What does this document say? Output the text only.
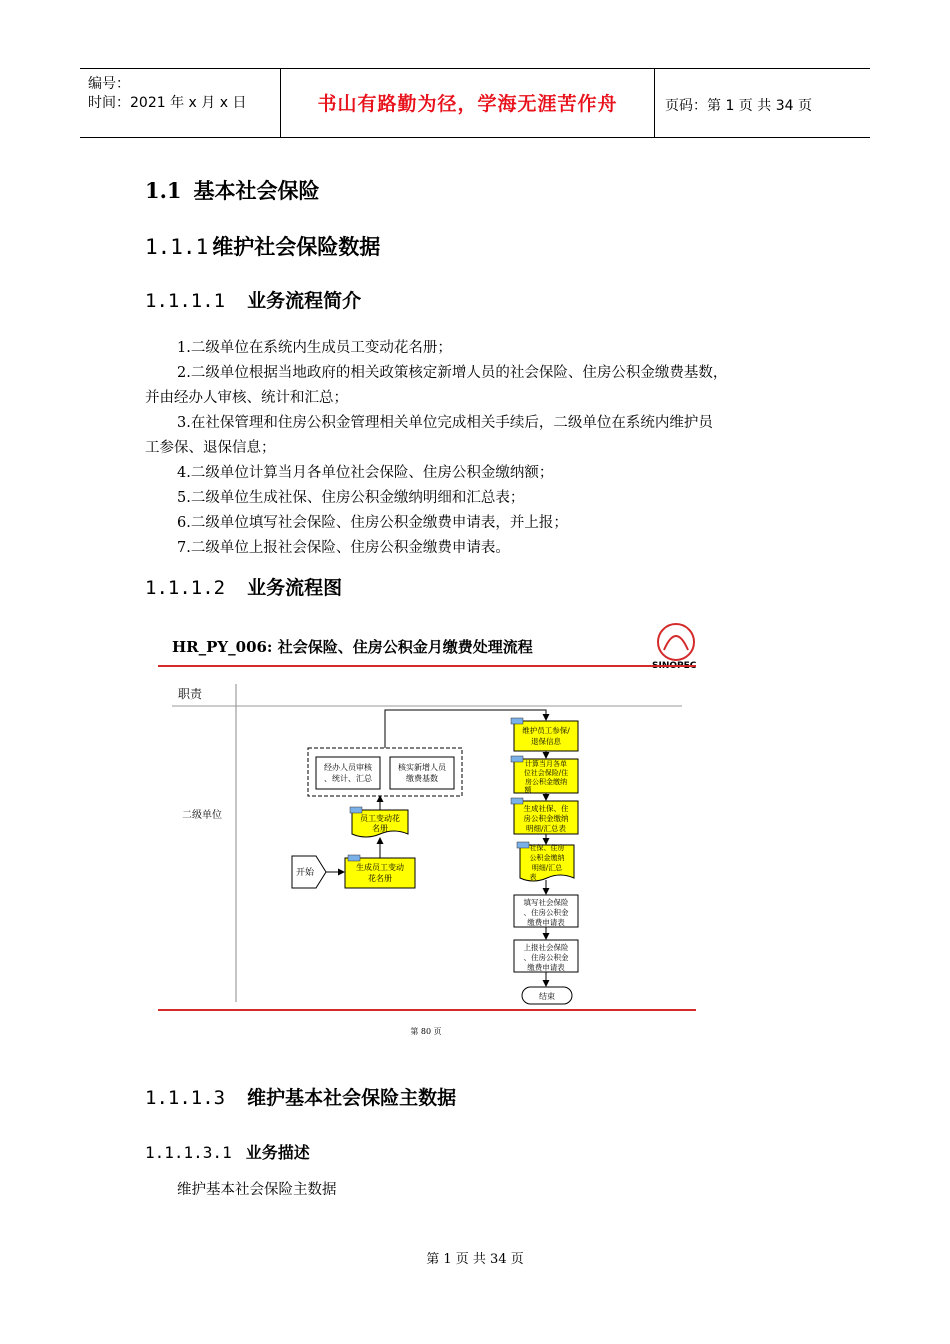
编号：
时间：2021 年 x 月 x 日	书山有路勤为径，学海无涯苦作舟	页码：第 1 页 共 34 页
1.1 基本社会保险
1.1.1 维护社会保险数据
1.1.1.1 业务流程简介

1.二级单位在系统内生成员工变动花名册；

2.二级单位根据当地政府的相关政策核定新增人员的社会保险、住房公积金缴费基数，

并由经办人审核、统计和汇总；

3.在社保管理和住房公积金管理相关单位完成相关手续后，二级单位在系统内维护员

工参保、退保信息；

4.二级单位计算当月各单位社会保险、住房公积金缴纳额；

5.二级单位生成社保、住房公积金缴纳明细和汇总表；

6.二级单位填写社会保险、住房公积金缴费申请表，并上报；

7.二级单位上报社会保险、住房公积金缴费申请表。

1.1.1.2 业务流程图
HR_PY_006: 社会保险、住房公积金月缴费处理流程
SINOPEC
职责
二级单位
开始
生成员工变动
花名册
员工变动花
名册
经办人员审核
、统计、汇总
核实新增人员
缴费基数
维护员工参保/
退保信息
计算当月各单
位社会保险/住
房公积金缴纳
额
生成社保、住
房公积金缴纳
明细/汇总表
社保、住房
公积金缴纳
明细/汇总
表
填写社会保险
、住房公积金
缴费申请表
上报社会保险
、住房公积金
缴费申请表
结束
第 80 页
1.1.1.3 维护基本社会保险主数据
1.1.1.3.1 业务描述
维护基本社会保险主数据
第 1 页 共 34 页
